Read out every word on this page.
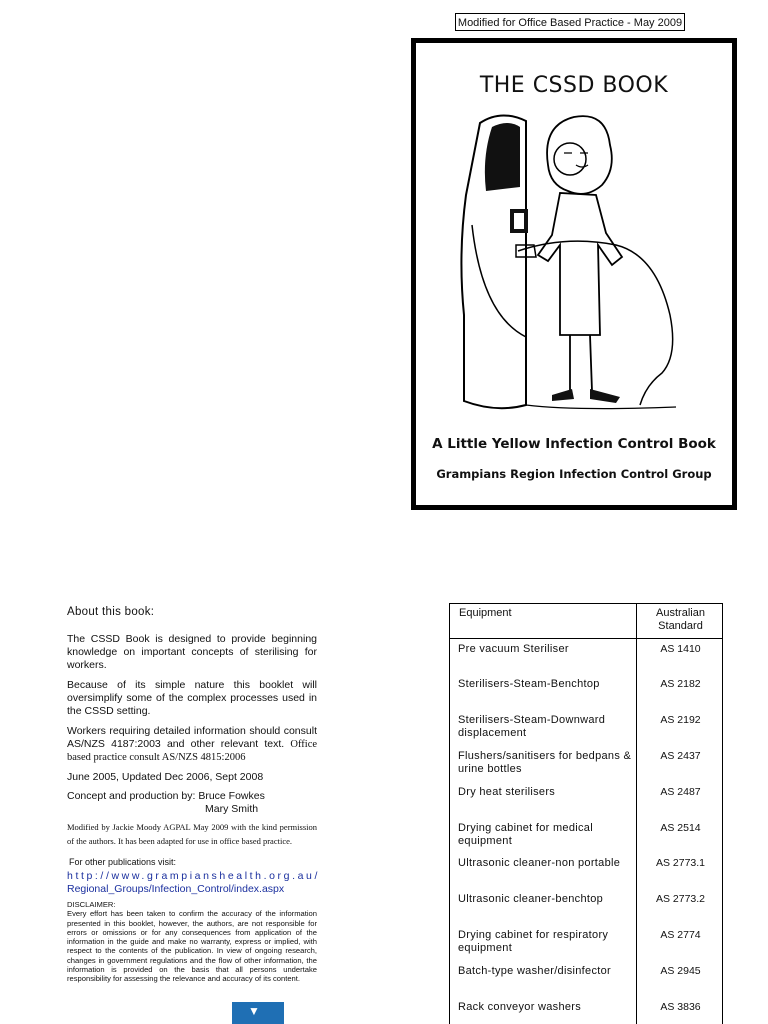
Modified for Office Based Practice - May 2009
THE CSSD BOOK
A Little Yellow Infection Control Book
Grampians Region Infection Control Group
About this book:

The CSSD Book is designed to provide beginning knowledge on important concepts of sterilising for workers.

Because of its simple nature this booklet will oversimplify some of the complex processes used in the CSSD setting.

Workers requiring detailed information should consult AS/NZS 4187:2003 and other relevant text. Office based practice consult AS/NZS 4815:2006

June 2005, Updated Dec 2006, Sept 2008

Concept and production by: Bruce Fowkes

Mary Smith

Modified by Jackie Moody AGPAL May 2009 with the kind permission of the authors. It has been adapted for use in office based practice.

For other publications visit:
http://www.grampianshealth.org.au/
Regional_Groups/Infection_Control/index.aspx
DISCLAIMER:
Every effort has been taken to confirm the accuracy of the information presented in this booklet, however, the authors, are not responsible for errors or omissions or for any consequences from application of the information in the guide and make no warranty, express or implied, with respect to the contents of the publication. In view of ongoing research, changes in government regulations and the flow of other information, the information is provided on the basis that all persons undertake responsibility for assessing the relevance and accuracy of its content.
▼
Equipment	Australian
Standard
Pre vacuum Steriliser	AS 1410
Sterilisers-Steam-Benchtop	AS 2182
Sterilisers-Steam-Downward displacement
AS 2192
Flushers/sanitisers for bedpans & urine bottles
AS 2437
Dry heat sterilisers	AS 2487
Drying cabinet for medical equipment
AS 2514
Ultrasonic cleaner-non portable	AS 2773.1
Ultrasonic cleaner-benchtop	AS 2773.2
Drying cabinet for respiratory equipment
AS 2774
Batch-type washer/disinfector	AS 2945
Rack conveyor washers	AS 3836
